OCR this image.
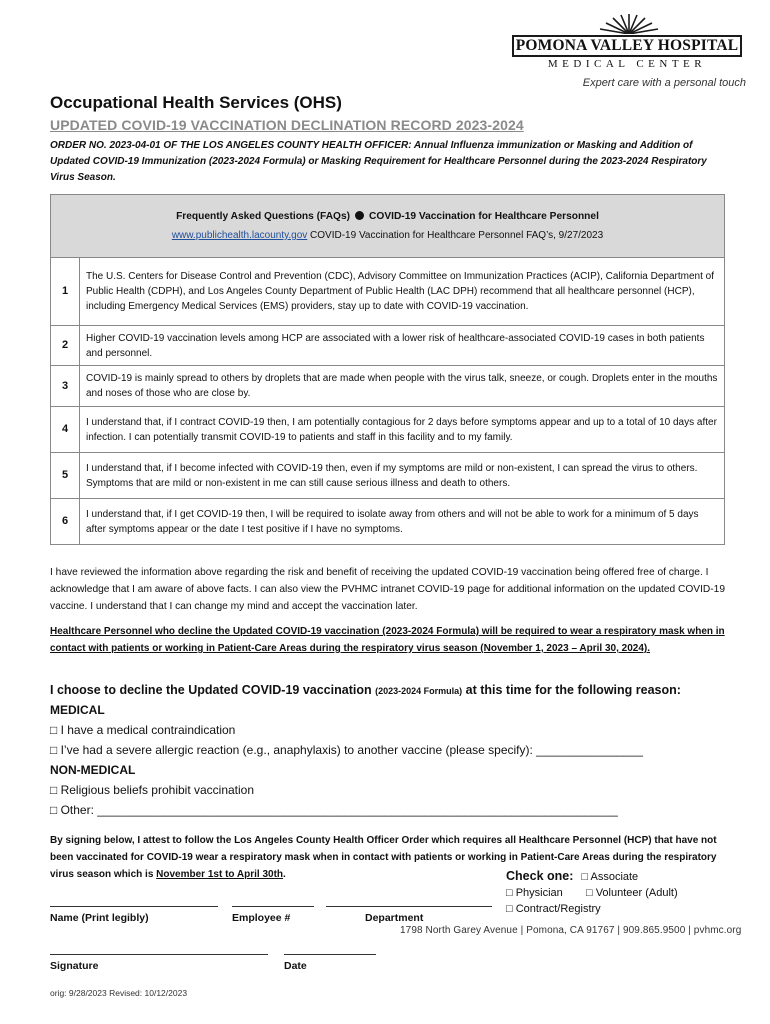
POMONA VALLEY HOSPITAL
MEDICAL CENTER
Expert care with a personal touch
Occupational Health Services (OHS)
UPDATED COVID-19 VACCINATION DECLINATION RECORD 2023-2024
ORDER NO. 2023-04-01 OF THE LOS ANGELES COUNTY HEALTH OFFICER: Annual Influenza immunization or Masking and Addition of Updated COVID-19 Immunization (2023-2024 Formula) or Masking Requirement for Healthcare Personnel during the 2023-2024 Respiratory Virus Season.
Frequently Asked Questions (FAQs) COVID-19 Vaccination for Healthcare Personnel
www.publichealth.lacounty.gov COVID-19 Vaccination for Healthcare Personnel FAQ’s, 9/27/2023	

1	The U.S. Centers for Disease Control and Prevention (CDC), Advisory Committee on Immunization Practices (ACIP), California Department of Public Health (CDPH), and Los Angeles County Department of Public Health (LAC DPH) recommend that all healthcare personnel (HCP), including Emergency Medical Services (EMS) providers, stay up to date with COVID-19 vaccination.
2	Higher COVID-19 vaccination levels among HCP are associated with a lower risk of healthcare-associated COVID-19 cases in both patients and personnel.
3	COVID-19 is mainly spread to others by droplets that are made when people with the virus talk, sneeze, or cough. Droplets enter in the mouths and noses of those who are close by.
4	I understand that, if I contract COVID-19 then, I am potentially contagious for 2 days before symptoms appear and up to a total of 10 days after infection. I can potentially transmit COVID-19 to patients and staff in this facility and to my family.
5	I understand that, if I become infected with COVID-19 then, even if my symptoms are mild or non-existent, I can spread the virus to others. Symptoms that are mild or non-existent in me can still cause serious illness and death to others.
6	I understand that, if I get COVID-19 then, I will be required to isolate away from others and will not be able to work for a minimum of 5 days after symptoms appear or the date I test positive if I have no symptoms.
I have reviewed the information above regarding the risk and benefit of receiving the updated COVID-19 vaccination being offered free of charge. I acknowledge that I am aware of above facts. I can also view the PVHMC intranet COVID-19 page for additional information on the updated COVID-19 vaccine. I understand that I can change my mind and accept the vaccination later.
Healthcare Personnel who decline the Updated COVID-19 vaccination (2023-2024 Formula) will be required to wear a respiratory mask when in contact with patients or working in Patient-Care Areas during the respiratory virus season (November 1, 2023 – April 30, 2024).
I choose to decline the Updated COVID-19 vaccination (2023-2024 Formula) at this time for the following reason:
MEDICAL
□ I have a medical contraindication
□ I’ve had a severe allergic reaction (e.g., anaphylaxis) to another vaccine (please specify): ________________
NON-MEDICAL
□ Religious beliefs prohibit vaccination
□ Other: ______________________________________________________________________________
By signing below, I attest to follow the Los Angeles County Health Officer Order which requires all Healthcare Personnel (HCP) that have not been vaccinated for COVID-19 wear a respiratory mask when in contact with patients or working in Patient-Care Areas during the respiratory virus season which is November 1st to April 30th.	Check one: □ Associate
□ Physician □ Volunteer (Adult)
□ Contract/Registry
Name (Print legibly)	Employee #	Department
1798 North Garey Avenue | Pomona, CA 91767 | 909.865.9500 | pvhmc.org
Signature	Date
orig: 9/28/2023 Revised: 10/12/2023
